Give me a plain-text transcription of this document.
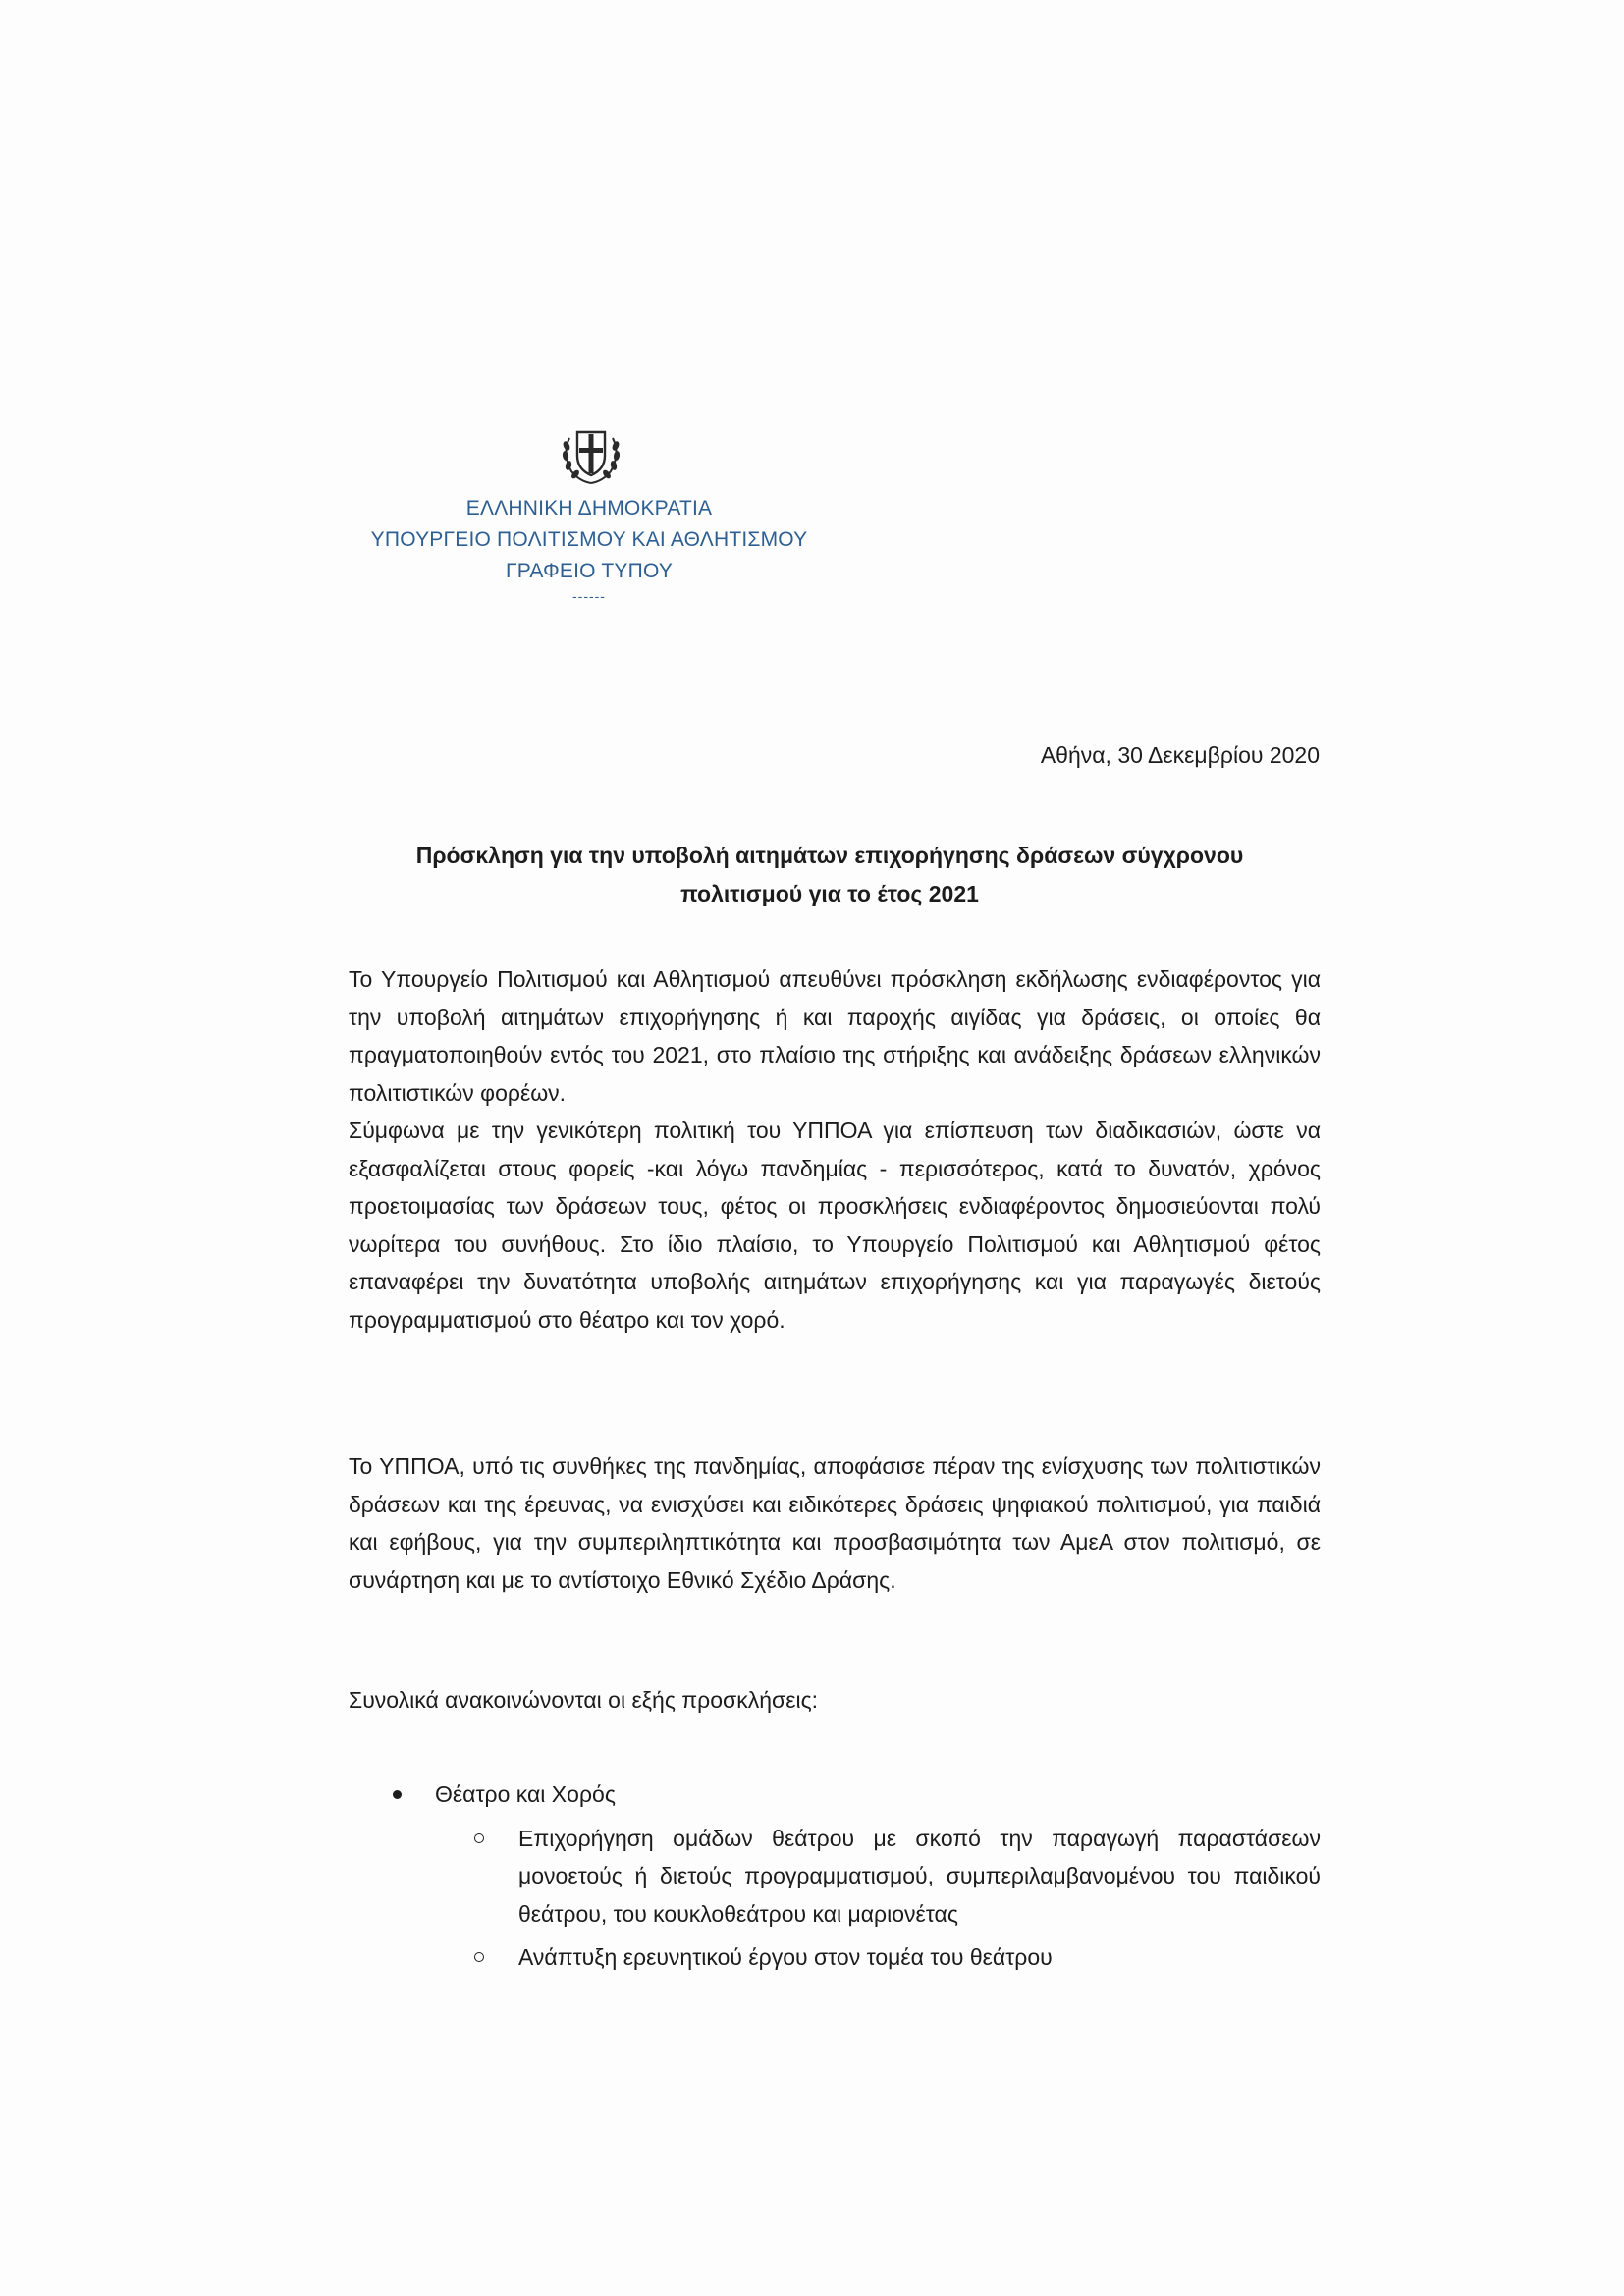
ΕΛΛΗΝΙΚΗ ΔΗΜΟΚΡΑΤΙΑ
ΥΠΟΥΡΓΕΙΟ ΠΟΛΙΤΙΣΜΟΥ ΚΑΙ ΑΘΛΗΤΙΣΜΟΥ
ΓΡΑΦΕΙΟ ΤΥΠΟΥ
------
Αθήνα, 30 Δεκεμβρίου 2020
Πρόσκληση για την υποβολή αιτημάτων επιχορήγησης δράσεων σύγχρονου
πολιτισμού για το έτος 2021

Το Υπουργείο Πολιτισμού και Αθλητισμού απευθύνει πρόσκληση εκδήλωσης ενδιαφέροντος για την υποβολή αιτημάτων επιχορήγησης ή και παροχής αιγίδας για δράσεις, οι οποίες θα πραγματοποιηθούν εντός του 2021, στο πλαίσιο της στήριξης και ανάδειξης δράσεων ελληνικών πολιτιστικών φορέων.

Σύμφωνα με την γενικότερη πολιτική του ΥΠΠΟΑ για επίσπευση των διαδικασιών, ώστε να εξασφαλίζεται στους φορείς -και λόγω πανδημίας - περισσότερος, κατά το δυνατόν, χρόνος προετοιμασίας των δράσεων τους, φέτος οι προσκλήσεις ενδιαφέροντος δημοσιεύονται πολύ νωρίτερα του συνήθους. Στο ίδιο πλαίσιο, το Υπουργείο Πολιτισμού και Αθλητισμού φέτος επαναφέρει την δυνατότητα υποβολής αιτημάτων επιχορήγησης και για παραγωγές διετούς προγραμματισμού στο θέατρο και τον χορό.

Το ΥΠΠΟΑ, υπό τις συνθήκες της πανδημίας, αποφάσισε πέραν της ενίσχυσης των πολιτιστικών δράσεων και της έρευνας, να ενισχύσει και ειδικότερες δράσεις ψηφιακού πολιτισμού, για παιδιά και εφήβους, για την συμπεριληπτικότητα και προσβασιμότητα των ΑμεΑ στον πολιτισμό, σε συνάρτηση και με το αντίστοιχο Εθνικό Σχέδιο Δράσης.

Συνολικά ανακοινώνονται οι εξής προσκλήσεις:

Θέατρο και Χορός
Επιχορήγηση ομάδων θεάτρου με σκοπό την παραγωγή παραστάσεων μονοετούς ή διετούς προγραμματισμού, συμπεριλαμβανομένου του παιδικού θεάτρου, του κουκλοθεάτρου και μαριονέτας
Ανάπτυξη ερευνητικού έργου στον τομέα του θεάτρου
